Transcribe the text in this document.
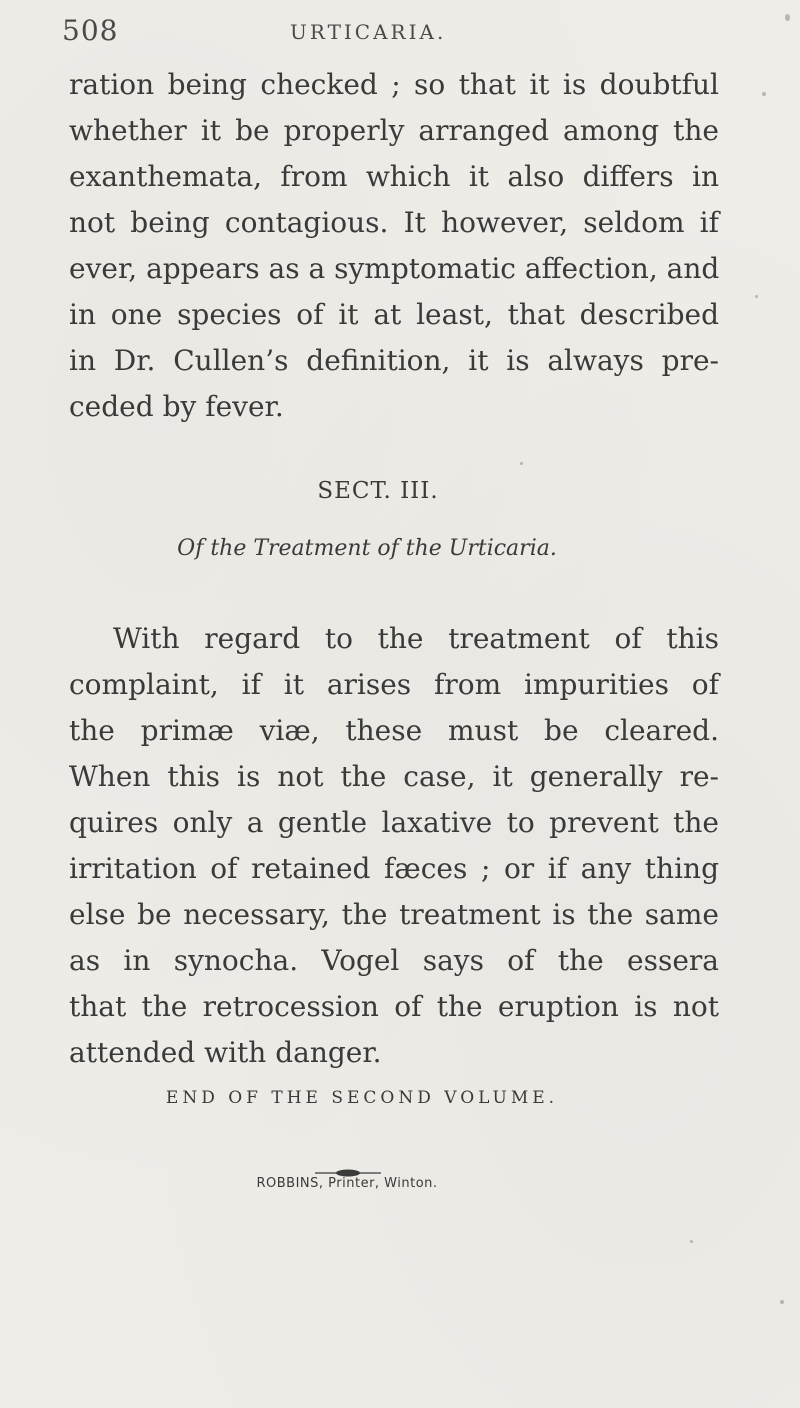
508	URTICARIA.
ration being checked ; so that it is doubtful
whether it be properly arranged among the
exanthemata, from which it also differs in
not being contagious. It however, seldom if
ever, appears as a symptomatic affection, and
in one species of it at least, that described
in Dr. Cullen’s definition, it is always pre-
ceded by fever.
SECT. III.
Of the Treatment of the Urticaria.
With regard to the treatment of this
complaint, if it arises from impurities of
the primæ viæ, these must be cleared.
When this is not the case, it generally re-
quires only a gentle laxative to prevent the
irritation of retained fæces ; or if any thing
else be necessary, the treatment is the same
as in synocha. Vogel says of the essera
that the retrocession of the eruption is not
attended with danger.
END OF THE SECOND VOLUME.
ROBBINS, Printer, Winton.
